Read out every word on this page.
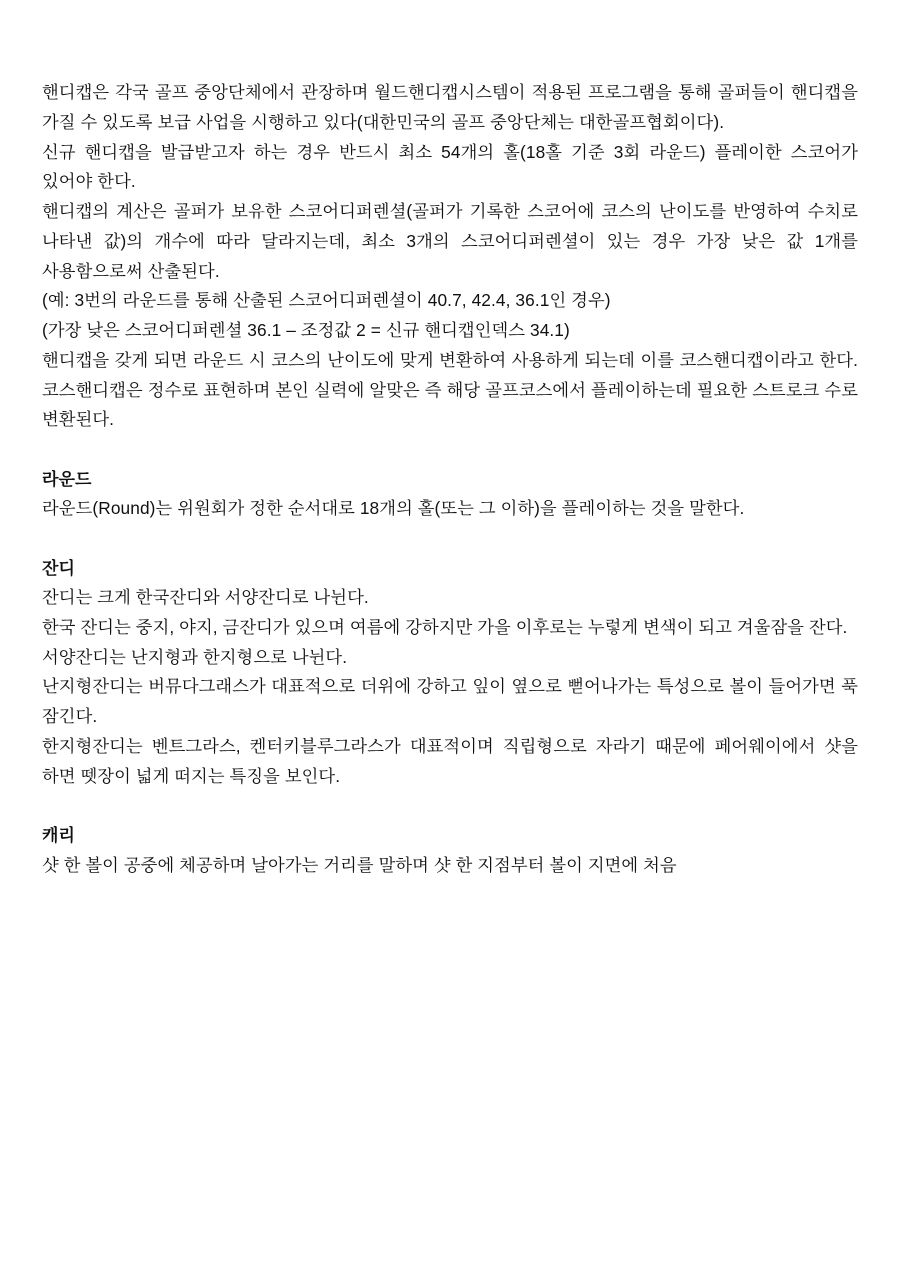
핸디캡은 각국 골프 중앙단체에서 관장하며 월드핸디캡시스템이 적용된 프로그램을 통해 골퍼들이 핸디캡을 가질 수 있도록 보급 사업을 시행하고 있다(대한민국의 골프 중앙단체는 대한골프협회이다).

신규 핸디캡을 발급받고자 하는 경우 반드시 최소 54개의 홀(18홀 기준 3회 라운드) 플레이한 스코어가 있어야 한다.

핸디캡의 계산은 골퍼가 보유한 스코어디퍼렌셜(골퍼가 기록한 스코어에 코스의 난이도를 반영하여 수치로 나타낸 값)의 개수에 따라 달라지는데, 최소 3개의 스코어디퍼렌셜이 있는 경우 가장 낮은 값 1개를 사용함으로써 산출된다.

(예: 3번의 라운드를 통해 산출된 스코어디퍼렌셜이 40.7, 42.4, 36.1인 경우)

(가장 낮은 스코어디퍼렌셜 36.1 – 조정값 2 = 신규 핸디캡인덱스 34.1)

핸디캡을 갖게 되면 라운드 시 코스의 난이도에 맞게 변환하여 사용하게 되는데 이를 코스핸디캡이라고 한다. 코스핸디캡은 정수로 표현하며 본인 실력에 알맞은 즉 해당 골프코스에서 플레이하는데 필요한 스트로크 수로 변환된다.

라운드

라운드(Round)는 위원회가 정한 순서대로 18개의 홀(또는 그 이하)을 플레이하는 것을 말한다.

잔디

잔디는 크게 한국잔디와 서양잔디로 나뉜다.

한국 잔디는 중지, 야지, 금잔디가 있으며 여름에 강하지만 가을 이후로는 누렇게 변색이 되고 겨울잠을 잔다.

서양잔디는 난지형과 한지형으로 나뉜다.

난지형잔디는 버뮤다그래스가 대표적으로 더위에 강하고 잎이 옆으로 뻗어나가는 특성으로 볼이 들어가면 푹 잠긴다.

한지형잔디는 벤트그라스, 켄터키블루그라스가 대표적이며 직립형으로 자라기 때문에 페어웨이에서 샷을 하면 뗏장이 넓게 떠지는 특징을 보인다.

캐리

샷 한 볼이 공중에 체공하며 날아가는 거리를 말하며 샷 한 지점부터 볼이 지면에 처음
